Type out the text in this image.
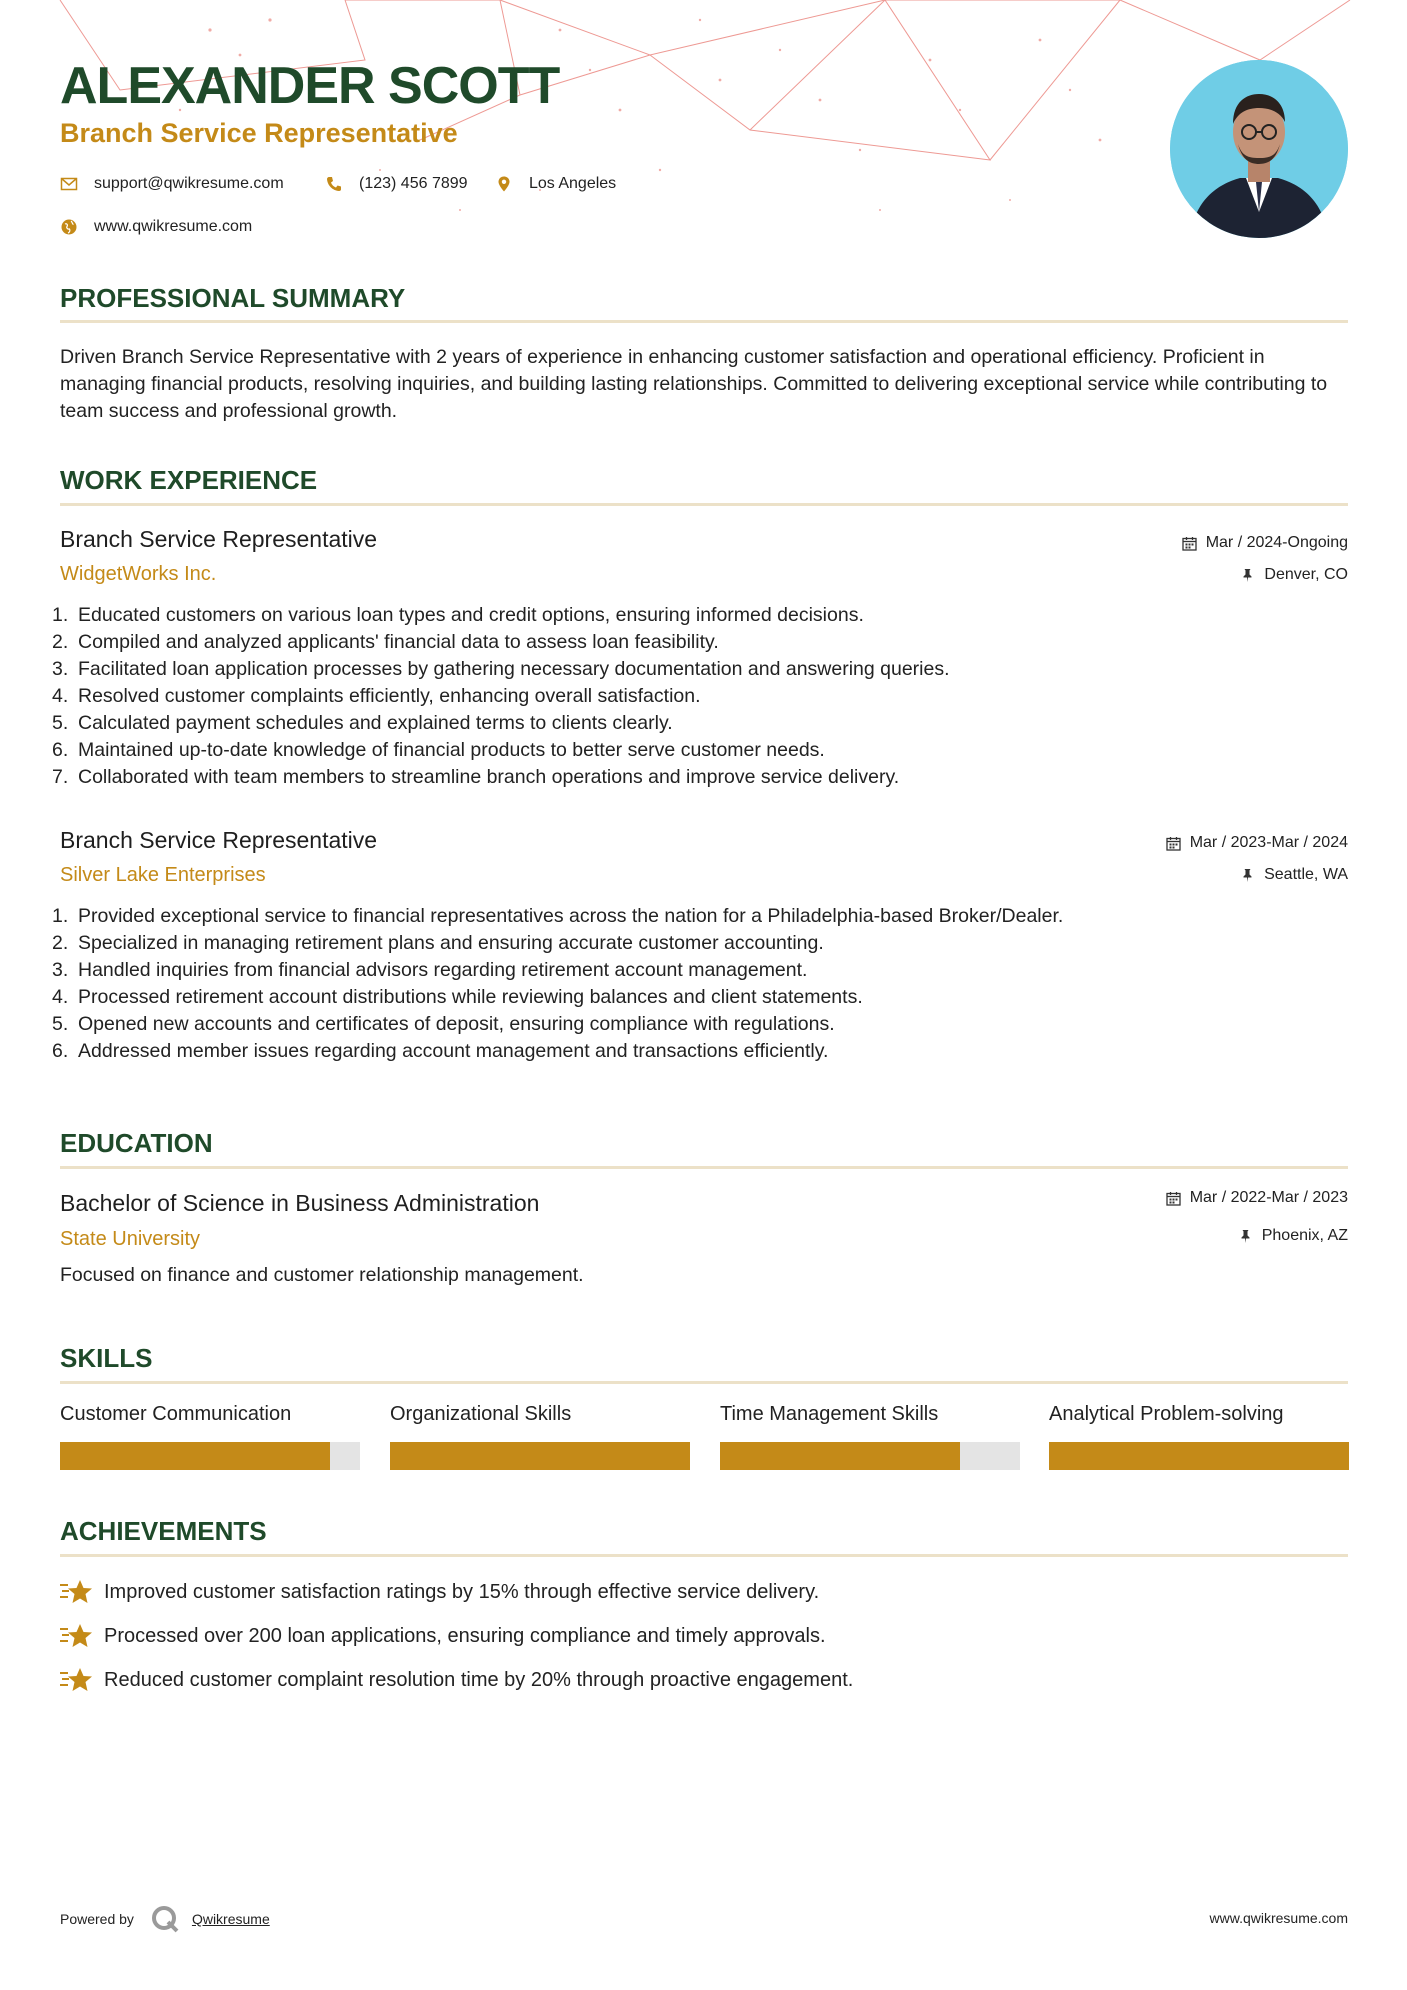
ALEXANDER SCOTT
Branch Service Representative
support@qwikresume.com	(123) 456 7899	Los Angeles
www.qwikresume.com
PROFESSIONAL SUMMARY

Driven Branch Service Representative with 2 years of experience in enhancing customer satisfaction and operational efficiency. Proficient in managing financial products, resolving inquiries, and building lasting relationships. Committed to delivering exceptional service while contributing to team success and professional growth.

WORK EXPERIENCE
Branch Service Representative
WidgetWorks Inc.
Mar / 2024-Ongoing
Denver, CO
1. Educated customers on various loan types and credit options, ensuring informed decisions.
2. Compiled and analyzed applicants' financial data to assess loan feasibility.
3. Facilitated loan application processes by gathering necessary documentation and answering queries.
4. Resolved customer complaints efficiently, enhancing overall satisfaction.
5. Calculated payment schedules and explained terms to clients clearly.
6. Maintained up-to-date knowledge of financial products to better serve customer needs.
7. Collaborated with team members to streamline branch operations and improve service delivery.
Branch Service Representative
Silver Lake Enterprises
Mar / 2023-Mar / 2024
Seattle, WA
1. Provided exceptional service to financial representatives across the nation for a Philadelphia-based Broker/Dealer.
2. Specialized in managing retirement plans and ensuring accurate customer accounting.
3. Handled inquiries from financial advisors regarding retirement account management.
4. Processed retirement account distributions while reviewing balances and client statements.
5. Opened new accounts and certificates of deposit, ensuring compliance with regulations.
6. Addressed member issues regarding account management and transactions efficiently.
EDUCATION
Bachelor of Science in Business Administration
State University
Mar / 2022-Mar / 2023
Phoenix, AZ

Focused on finance and customer relationship management.

SKILLS
Customer Communication	Organizational Skills	Time Management Skills	Analytical Problem-solving
ACHIEVEMENTS
Improved customer satisfaction ratings by 15% through effective service delivery.
Processed over 200 loan applications, ensuring compliance and timely approvals.
Reduced customer complaint resolution time by 20% through proactive engagement.
Powered by	Qwikresume	www.qwikresume.com
